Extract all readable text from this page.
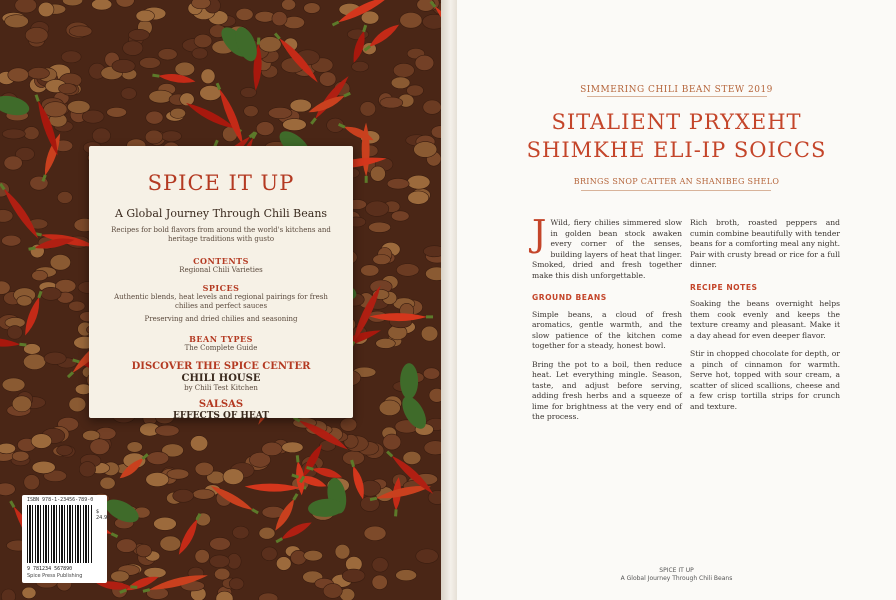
SPICE IT UP
A Global Journey Through Chili Beans
Recipes for bold flavors from around the world's kitchens and heritage traditions with gusto
CONTENTS
Regional Chili Varieties
SPICES
Authentic blends, heat levels and regional pairings for fresh chilies and perfect sauces
Preserving and dried chilies and seasoning
BEAN TYPES
The Complete Guide
DISCOVER THE SPICE CENTER
CHILI HOUSE
by Chili Test Kitchen
SALSAS
EFFECTS OF HEAT
ISBN 978-1-23456-789-0
$ 24.95
9 781234 567890
Spice Press Publishing
SIMMERING CHILI BEAN STEW 2019
SITALIENT PRYXEHT
SHIMKHE ELI-IP SOICCS
BRINGS SNOP CATTER AN SHANIBEG SHELO

J Wild, fiery chilies simmered slow in golden bean stock awaken every corner of the senses, building layers of heat that linger. Smoked, dried and fresh together make this dish unforgettable.

GROUND BEANS

Simple beans, a cloud of fresh aromatics, gentle warmth, and the slow patience of the kitchen come together for a steady, honest bowl.

Bring the pot to a boil, then reduce heat. Let everything mingle. Season, taste, and adjust before serving, adding fresh herbs and a squeeze of lime for brightness at the very end of the process.

Rich broth, roasted peppers and cumin combine beautifully with tender beans for a comforting meal any night. Pair with crusty bread or rice for a full dinner.

RECIPE NOTES

Soaking the beans overnight helps them cook evenly and keeps the texture creamy and pleasant. Make it a day ahead for even deeper flavor.

Stir in chopped chocolate for depth, or a pinch of cinnamon for warmth. Serve hot, topped with sour cream, a scatter of sliced scallions, cheese and a few crisp tortilla strips for crunch and texture.

SPICE IT UP
A Global Journey Through Chili Beans
